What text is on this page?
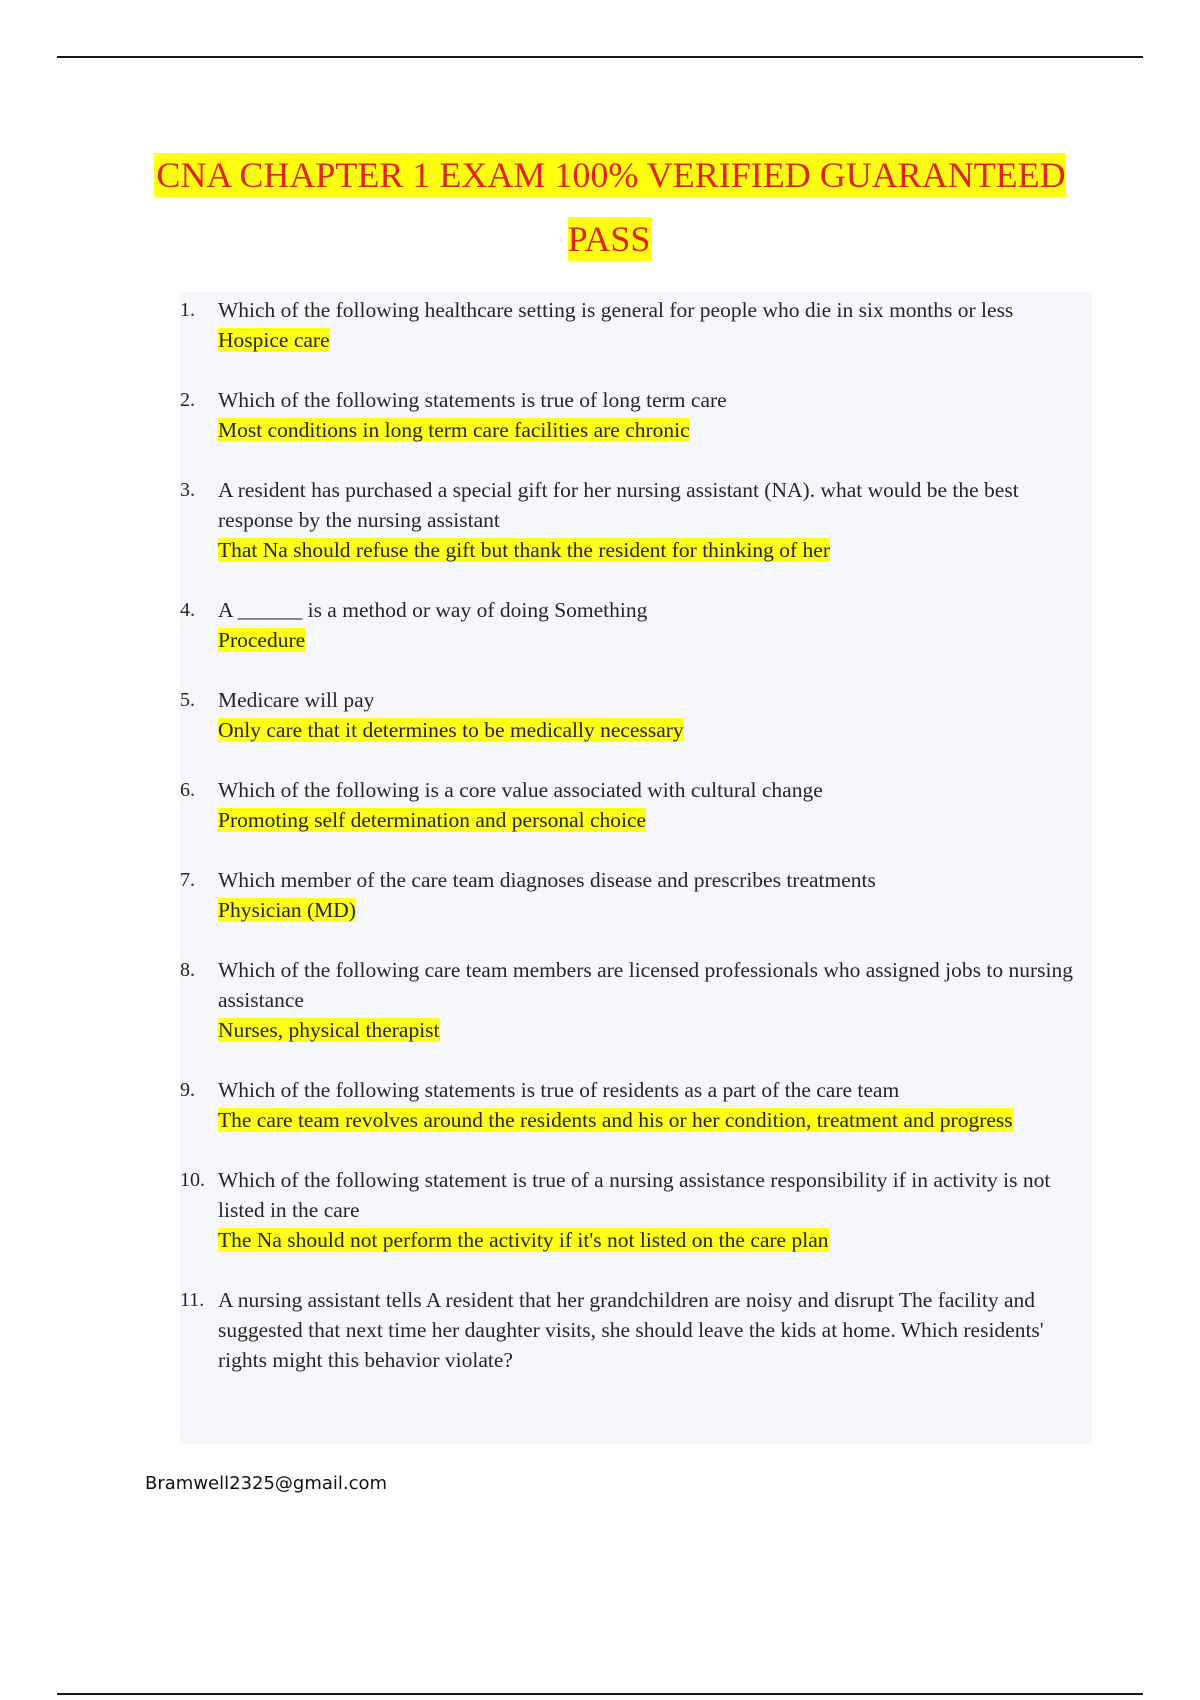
CNA CHAPTER 1 EXAM 100% VERIFIED GUARANTEED PASS
1. Which of the following healthcare setting is general for people who die in six months or less
Hospice care
2. Which of the following statements is true of long term care
Most conditions in long term care facilities are chronic
3. A resident has purchased a special gift for her nursing assistant (NA). what would be the best response by the nursing assistant
That Na should refuse the gift but thank the resident for thinking of her
4. A ______ is a method or way of doing Something
Procedure
5. Medicare will pay
Only care that it determines to be medically necessary
6. Which of the following is a core value associated with cultural change
Promoting self determination and personal choice
7. Which member of the care team diagnoses disease and prescribes treatments
Physician (MD)
8. Which of the following care team members are licensed professionals who assigned jobs to nursing assistance
Nurses, physical therapist
9. Which of the following statements is true of residents as a part of the care team
The care team revolves around the residents and his or her condition, treatment and progress
10. Which of the following statement is true of a nursing assistance responsibility if in activity is not listed in the care
The Na should not perform the activity if it's not listed on the care plan
11. A nursing assistant tells A resident that her grandchildren are noisy and disrupt The facility and suggested that next time her daughter visits, she should leave the kids at home. Which residents' rights might this behavior violate?
Bramwell2325@gmail.com
